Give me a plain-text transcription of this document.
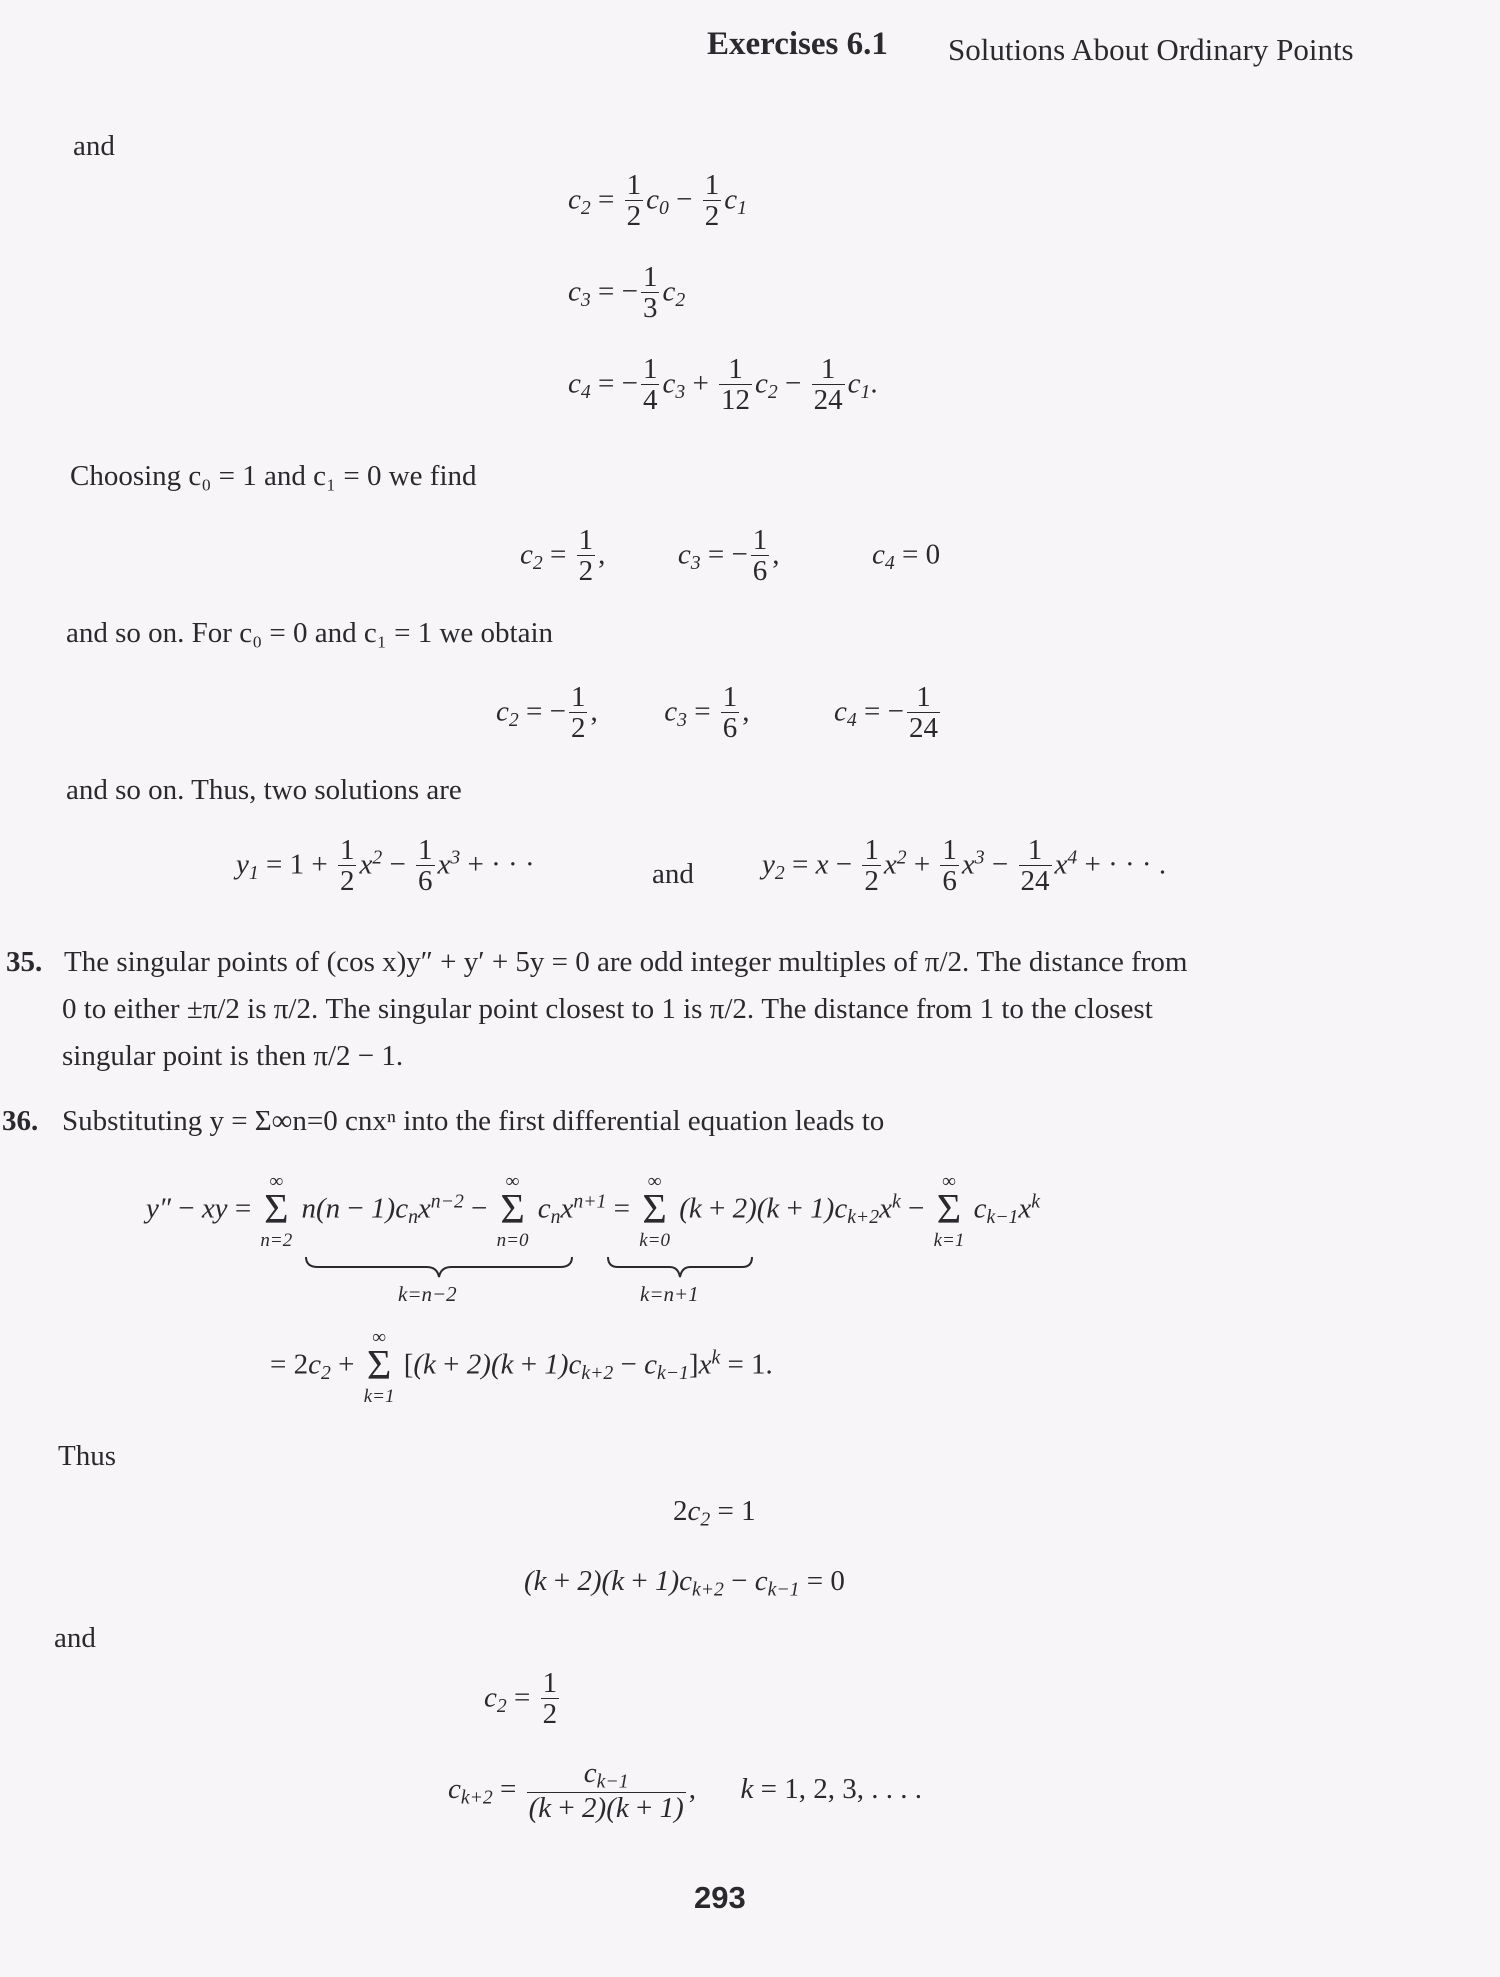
Exercises 6.1 Solutions About Ordinary Points
and
$c_2 = \frac{1}{2} c_0 - \frac{1}{2} c_1$
$c_3$ = − $\frac{1}{3} c_2$
$c_4$ = − $\frac{1}{4} c_3 + \frac{1}{12} c_2 - \frac{1}{24} c_1$.
Choosing c₀ = 1 and c₁ = 0 we find
$c_2 = \frac{1}{2}$ ,  $c_3$ = − $\frac{1}{6}$ ,	$c_4 = 0$
and so on. For c₀ = 0 and c₁ = 1 we obtain
$c_2$ = − $\frac{1}{2}$ ,  $c_3 = \frac{1}{6}$ ,	$c_4$ = − $\frac{1}{24}$
and so on. Thus, two solutions are
$y_1 = 1 + \frac{1}{2} x^2 - \frac{1}{6} x^3$ + · · ·	and $y_2 = x - \frac{1}{2} x^2 + \frac{1}{6} x^3 - \frac{1}{24} x^4$ + · · · .
35. The singular points of (cos x)y″ + y′ + 5y = 0 are odd integer multiples of π/2. The distance from
0 to either ±π/2 is π/2. The singular point closest to 1 is π/2. The distance from 1 to the closest
singular point is then π/2 − 1.
36. Substituting y = Σ∞n=0 cnxⁿ into the first differential equation leads to
y″ − xy =
∞
Σ
n=2
$n(n - 1)c_nx^{n-2}$ −
∞
Σ
n=0
$c_nx^{n+1}$ =
∞
Σ
k=0
$(k + 2)(k + 1)c_{k+2}x^k$ −
∞
Σ
k=1
$c_{k-1}x^k$
k=n−2	k=n+1
= $2c_2$ +
∞
Σ
k=1
$[(k + 2)(k + 1)c_{k+2} - c_{k-1}]x^k = 1$.
Thus
$2c_2 = 1$
$(k + 2)(k + 1)c_{k+2} - c_{k-1} = 0$
and
$c_2 = \frac{1}{2}$
$c_{k+2} = \frac{c_{k-1}}{(k + 2)(k + 1)}$ ,  k = 1, 2, 3, . . . .
293
